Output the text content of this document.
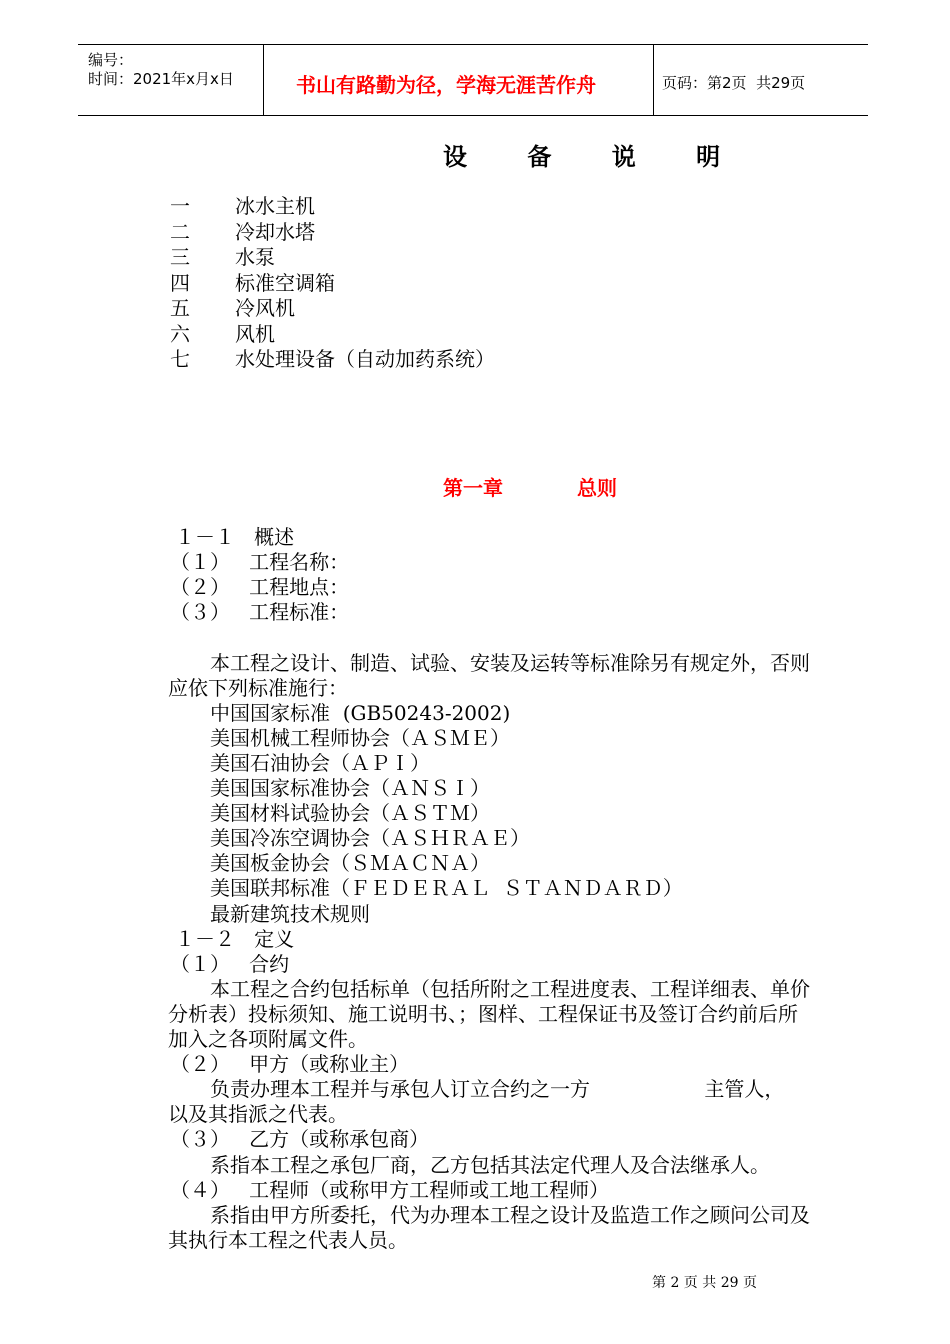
编号：
时间：2021年x月x日	书山有路勤为径，学海无涯苦作舟	页码：第2页  共29页
设 备 说 明
一 冰水主机
二 冷却水塔
三 水泵
四 标准空调箱
五 冷风机
六 风机
七 水处理设备（自动加药系统）
第一章	总则
１－１   概述
（１）   工程名称：
（２）   工程地点：
（３）   工程标准：
本工程之设计、制造、试验、安装及运转等标准除另有规定外，否则
应依下列标准施行：
中国国家标准  (GB50243-2002)
美国机械工程师协会（ＡＳＭＥ）
美国石油协会（ＡＰＩ）
美国国家标准协会（ＡＮＳＩ）
美国材料试验协会（ＡＳＴＭ）
美国冷冻空调协会（ＡＳＨＲＡＥ）
美国板金协会（ＳＭＡＣＮＡ）
美国联邦标准（ＦＥＤＥＲＡＬ  ＳＴＡＮＤＡＲＤ）
最新建筑技术规则
１－２   定义
（１）   合约
本工程之合约包括标单（包括所附之工程进度表、工程详细表、单价
分析表）投标须知、施工说明书、；图样、工程保证书及签订合约前后所
加入之各项附属文件。
（２）   甲方（或称业主）
负责办理本工程并与承包人订立合约之一方                  主管人，
以及其指派之代表。
（３）   乙方（或称承包商）
系指本工程之承包厂商，乙方包括其法定代理人及合法继承人。
（４）   工程师（或称甲方工程师或工地工程师）
系指由甲方所委托，代为办理本工程之设计及监造工作之顾问公司及
其执行本工程之代表人员。
第 2 页 共 29 页
